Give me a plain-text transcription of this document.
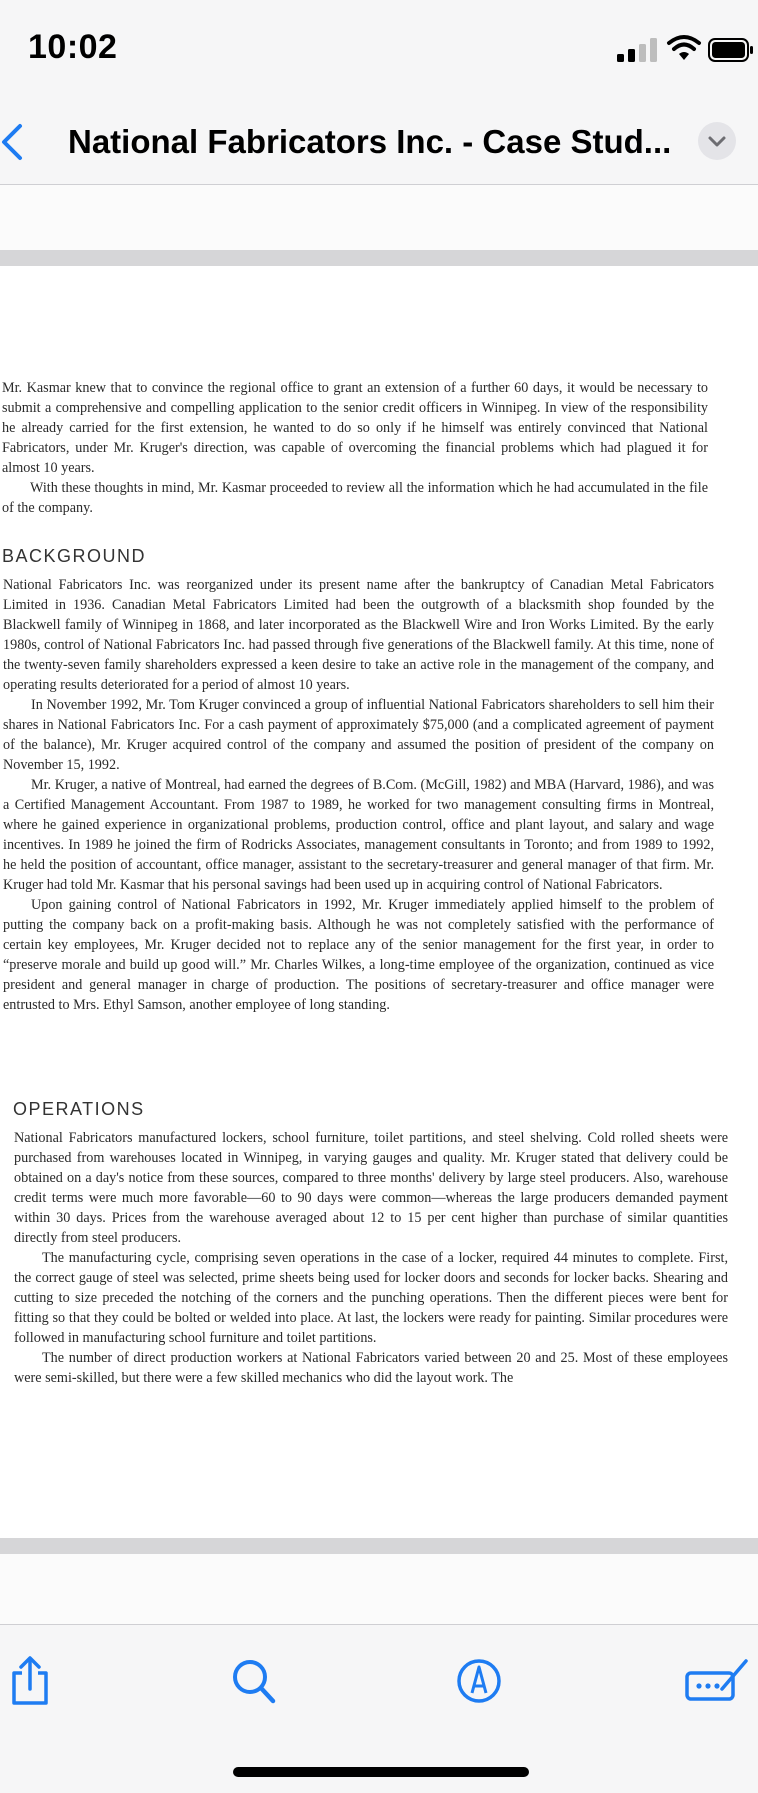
10:02
National Fabricators Inc. - Case Stud...

Mr. Kasmar knew that to convince the regional office to grant an extension of a further 60 days, it would be necessary to submit a comprehensive and compelling application to the senior credit officers in Winnipeg. In view of the responsibility he already carried for the first extension, he wanted to do so only if he himself was entirely convinced that National Fabricators, under Mr. Kruger's direction, was capable of overcoming the financial problems which had plagued it for almost 10 years.

With these thoughts in mind, Mr. Kasmar proceeded to review all the information which he had accumulated in the file of the company.

BACKGROUND

National Fabricators Inc. was reorganized under its present name after the bankruptcy of Canadian Metal Fabricators Limited in 1936. Canadian Metal Fabricators Limited had been the outgrowth of a blacksmith shop founded by the Blackwell family of Winnipeg in 1868, and later incorporated as the Blackwell Wire and Iron Works Limited. By the early 1980s, control of National Fabricators Inc. had passed through five generations of the Blackwell family. At this time, none of the twenty-seven family shareholders expressed a keen desire to take an active role in the management of the company, and operating results deteriorated for a period of almost 10 years.

In November 1992, Mr. Tom Kruger convinced a group of influential National Fabricators shareholders to sell him their shares in National Fabricators Inc. For a cash payment of approximately $75,000 (and a complicated agreement of payment of the balance), Mr. Kruger acquired control of the company and assumed the position of president of the company on November 15, 1992.

Mr. Kruger, a native of Montreal, had earned the degrees of B.Com. (McGill, 1982) and MBA (Harvard, 1986), and was a Certified Management Accountant. From 1987 to 1989, he worked for two management consulting firms in Montreal, where he gained experience in organizational problems, production control, office and plant layout, and salary and wage incentives. In 1989 he joined the firm of Rodricks Associates, management consultants in Toronto; and from 1989 to 1992, he held the position of accountant, office manager, assistant to the secretary-treasurer and general manager of that firm. Mr. Kruger had told Mr. Kasmar that his personal savings had been used up in acquiring control of National Fabricators.

Upon gaining control of National Fabricators in 1992, Mr. Kruger immediately applied himself to the problem of putting the company back on a profit-making basis. Although he was not completely satisfied with the performance of certain key employees, Mr. Kruger decided not to replace any of the senior management for the first year, in order to “preserve morale and build up good will.” Mr. Charles Wilkes, a long-time employee of the organization, continued as vice president and general manager in charge of production. The positions of secretary-treasurer and office manager were entrusted to Mrs. Ethyl Samson, another employee of long standing.

OPERATIONS

National Fabricators manufactured lockers, school furniture, toilet partitions, and steel shelving. Cold rolled sheets were purchased from warehouses located in Winnipeg, in varying gauges and quality. Mr. Kruger stated that delivery could be obtained on a day's notice from these sources, compared to three months' delivery by large steel producers. Also, warehouse credit terms were much more favorable—60 to 90 days were common—whereas the large producers demanded payment within 30 days. Prices from the warehouse averaged about 12 to 15 per cent higher than purchase of similar quantities directly from steel producers.

The manufacturing cycle, comprising seven operations in the case of a locker, required 44 minutes to complete. First, the correct gauge of steel was selected, prime sheets being used for locker doors and seconds for locker backs. Shearing and cutting to size preceded the notching of the corners and the punching operations. Then the different pieces were bent for fitting so that they could be bolted or welded into place. At last, the lockers were ready for painting. Similar procedures were followed in manufacturing school furniture and toilet partitions.

The number of direct production workers at National Fabricators varied between 20 and 25. Most of these employees were semi-skilled, but there were a few skilled mechanics who did the layout work. The
